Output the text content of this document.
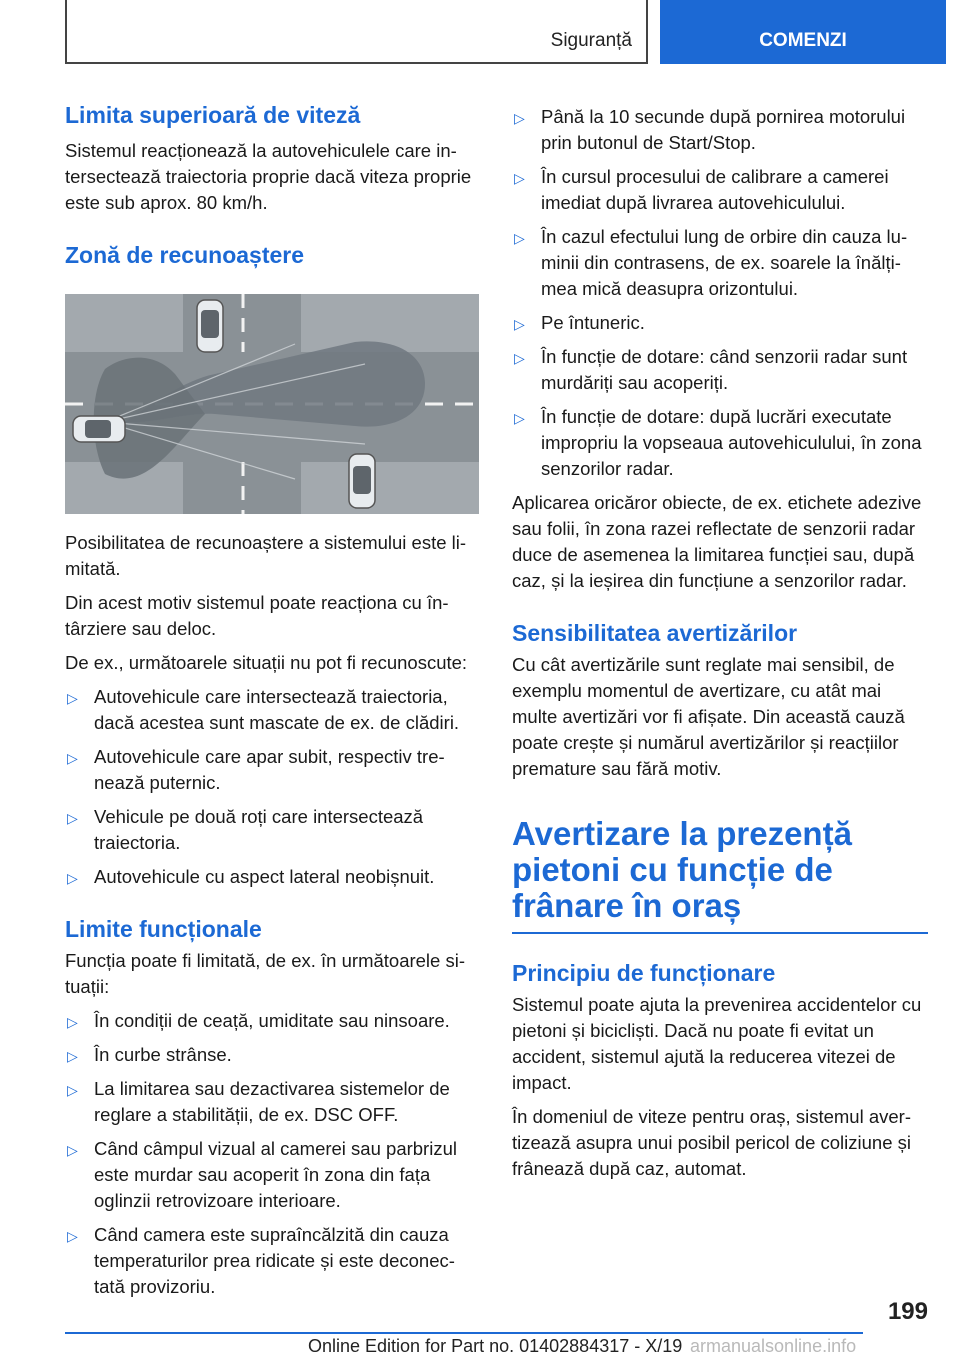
Siguranță	COMENZI
Limita superioară de viteză

Sistemul reacționează la autovehiculele care intersectează traiectoria proprie dacă viteza proprie este sub aprox. 80 km/h.

Zonă de recunoaștere

Posibilitatea de recunoaștere a sistemului este limitată.

Din acest motiv sistemul poate reacționa cu întârziere sau deloc.

De ex., următoarele situații nu pot fi recunoscute:

▷ Autovehicule care intersectează traiectoria, dacă acestea sunt mascate de ex. de clădiri.
▷ Autovehicule care apar subit, respectiv trenează puternic.
▷ Vehicule pe două roți care intersectează traiectoria.
▷ Autovehicule cu aspect lateral neobișnuit.
Limite funcționale

Funcția poate fi limitată, de ex. în următoarele situații:

▷ În condiții de ceață, umiditate sau ninsoare.
▷ În curbe strânse.
▷ La limitarea sau dezactivarea sistemelor de reglare a stabilității, de ex. DSC OFF.
▷ Când câmpul vizual al camerei sau parbrizul este murdar sau acoperit în zona din fața oglinzii retrovizoare interioare.
▷ Când camera este supraîncălzită din cauza temperaturilor prea ridicate și este deconectată provizoriu.
▷ Până la 10 secunde după pornirea motorului prin butonul de Start/Stop.
▷ În cursul procesului de calibrare a camerei imediat după livrarea autovehiculului.
▷ În cazul efectului lung de orbire din cauza luminii din contrasens, de ex. soarele la înălțimea mică deasupra orizontului.
▷ Pe întuneric.
▷ În funcție de dotare: când senzorii radar sunt murdăriți sau acoperiți.
▷ În funcție de dotare: după lucrări executate impropriu la vopseaua autovehiculului, în zona senzorilor radar.

Aplicarea oricăror obiecte, de ex. etichete adezive sau folii, în zona razei reflectate de senzorii radar duce de asemenea la limitarea funcției sau, după caz, și la ieșirea din funcțiune a senzorilor radar.

Sensibilitatea avertizărilor

Cu cât avertizările sunt reglate mai sensibil, de exemplu momentul de avertizare, cu atât mai multe avertizări vor fi afișate. Din această cauză poate crește și numărul avertizărilor și reacțiilor premature sau fără motiv.

Avertizare la prezență
pietoni cu funcție de
frânare în oraș
Principiu de funcționare

Sistemul poate ajuta la prevenirea accidentelor cu pietoni și bicicliști. Dacă nu poate fi evitat un accident, sistemul ajută la reducerea vitezei de impact.

În domeniul de viteze pentru oraș, sistemul avertizează asupra unui posibil pericol de coliziune și frânează după caz, automat.

199
Online Edition for Part no. 01402884317 - X/19 armanualsonline.info
